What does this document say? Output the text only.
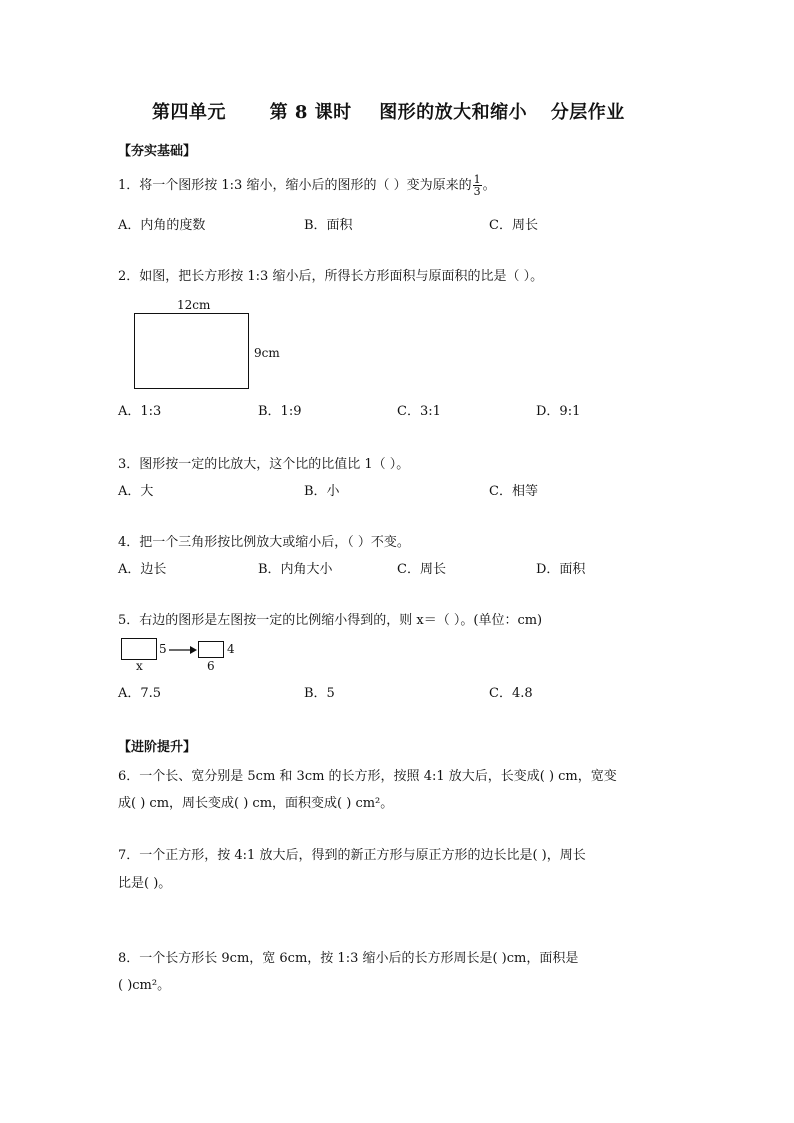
第四单元 第 8 课时 图形的放大和缩小 分层作业
【夯实基础】
1．将一个图形按 1:3 缩小，缩小后的图形的（ ）变为原来的 $\frac{1}{3}$ 。
A．内角的度数	B．面积	C．周长
2．如图，把长方形按 1:3 缩小后，所得长方形面积与原面积的比是（ ）。
12cm
9cm
A．1:3	B．1:9	C．3:1	D．9:1
3．图形按一定的比放大，这个比的比值比 1（ ）。
A．大	B．小	C．相等
4．把一个三角形按比例放大或缩小后，（ ）不变。
A．边长	B．内角大小	C．周长	D．面积
5．右边的图形是左图按一定的比例缩小得到的，则 x＝（ ）。(单位：cm)
5
x
4
6
A．7.5	B．5	C．4.8
【进阶提升】
6．一个长、宽分别是 5cm 和 3cm 的长方形，按照 4:1 放大后，长变成( ) cm，宽变
成( ) cm，周长变成( ) cm，面积变成( ) cm²。
7．一个正方形，按 4:1 放大后，得到的新正方形与原正方形的边长比是( )，周长
比是( )。
8．一个长方形长 9cm，宽 6cm，按 1:3 缩小后的长方形周长是( )cm，面积是
( )cm²。
